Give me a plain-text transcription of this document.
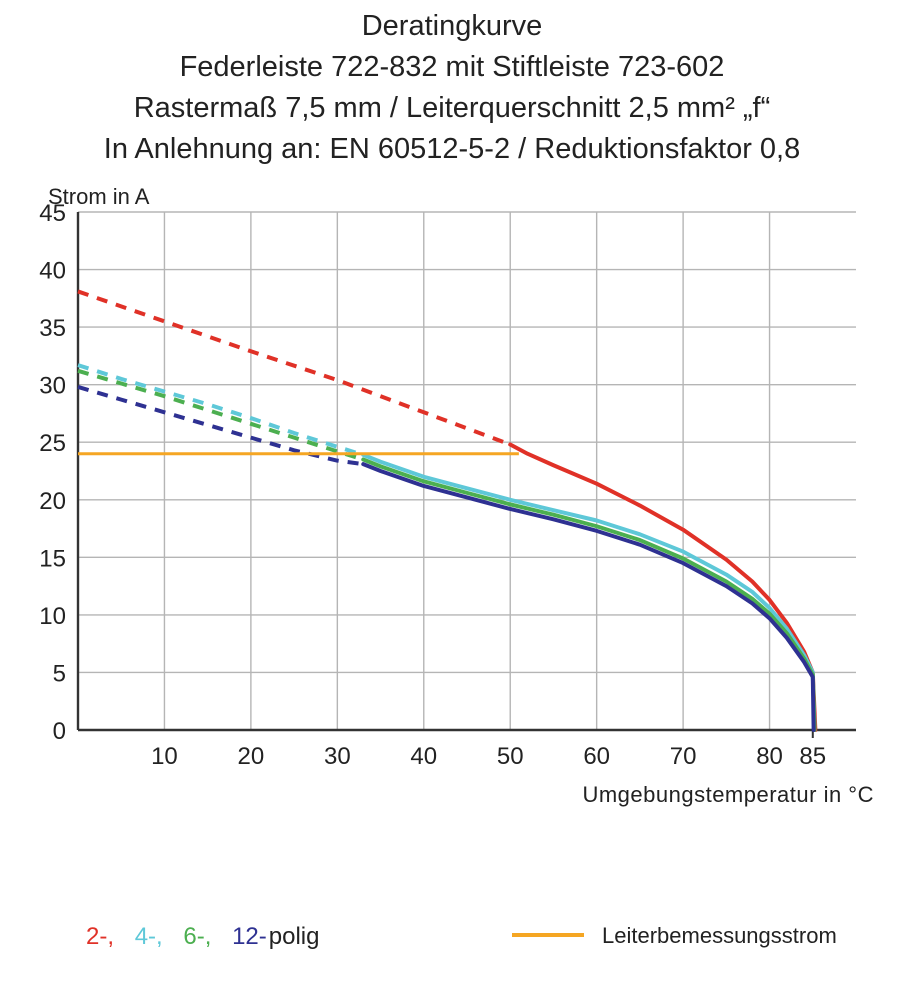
Deratingkurve
Federleiste 722-832 mit Stiftleiste 723-602
Rastermaß 7,5 mm / Leiterquerschnitt 2,5 mm² „f“
In Anlehnung an: EN 60512-5-2 / Reduktionsfaktor 0,8
Strom in A
0
5
10
15
20
25
30
35
40
45
10 20 30 40 50 60 70 80 85
Umgebungstemperatur in °C
2-, 4-, 6-, 12-polig	Leiterbemessungsstrom
